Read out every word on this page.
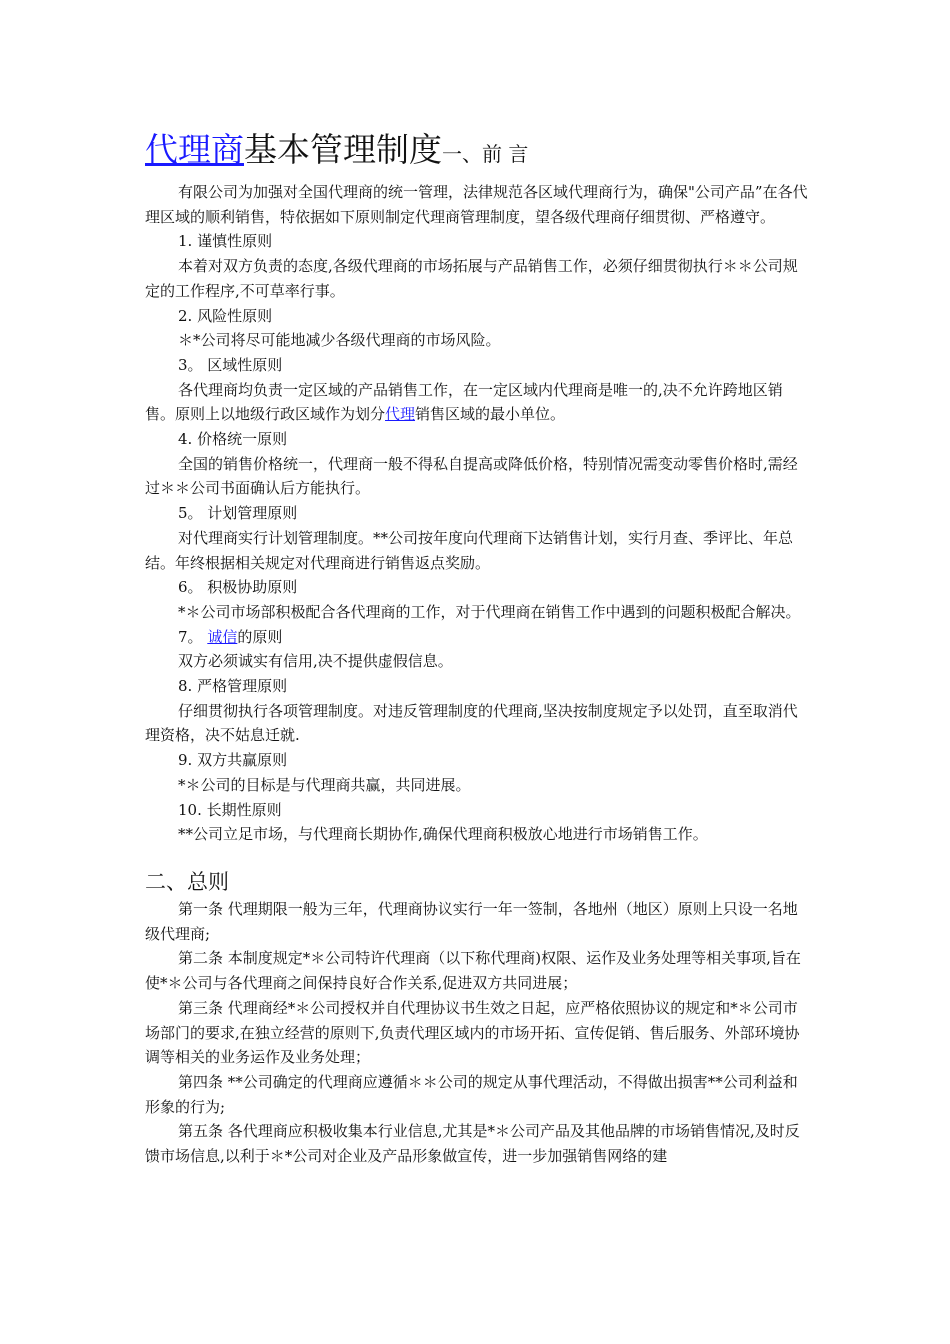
代理商基本管理制度一、前 言

有限公司为加强对全国代理商的统一管理，法律规范各区域代理商行为，确保"公司产品”在各代理区域的顺利销售，特依据如下原则制定代理商管理制度，望各级代理商仔细贯彻、严格遵守。

1. 谨慎性原则

本着对双方负责的态度,各级代理商的市场拓展与产品销售工作，必须仔细贯彻执行＊＊公司规定的工作程序,不可草率行事。

2. 风险性原则

＊*公司将尽可能地减少各级代理商的市场风险。

3。 区域性原则

各代理商均负责一定区域的产品销售工作，在一定区域内代理商是唯一的,决不允许跨地区销售。原则上以地级行政区域作为划分代理销售区域的最小单位。

4. 价格统一原则

全国的销售价格统一，代理商一般不得私自提高或降低价格，特别情况需变动零售价格时,需经过＊＊公司书面确认后方能执行。

5。 计划管理原则

对代理商实行计划管理制度。**公司按年度向代理商下达销售计划，实行月查、季评比、年总结。年终根据相关规定对代理商进行销售返点奖励。

6。 积极协助原则

*＊公司市场部积极配合各代理商的工作，对于代理商在销售工作中遇到的问题积极配合解决。

7。 诚信的原则

双方必须诚实有信用,决不提供虚假信息。

8. 严格管理原则

仔细贯彻执行各项管理制度。对违反管理制度的代理商,坚决按制度规定予以处罚，直至取消代理资格，决不姑息迁就.

9. 双方共赢原则

*＊公司的目标是与代理商共赢，共同进展。

10. 长期性原则

**公司立足市场，与代理商长期协作,确保代理商积极放心地进行市场销售工作。

二、总则

第一条 代理期限一般为三年，代理商协议实行一年一签制，各地州（地区）原则上只设一名地级代理商;

第二条 本制度规定*＊公司特许代理商（以下称代理商)权限、运作及业务处理等相关事项,旨在使*＊公司与各代理商之间保持良好合作关系,促进双方共同进展；

第三条 代理商经*＊公司授权并自代理协议书生效之日起，应严格依照协议的规定和*＊公司市场部门的要求,在独立经营的原则下,负责代理区域内的市场开拓、宣传促销、售后服务、外部环境协调等相关的业务运作及业务处理；

第四条 **公司确定的代理商应遵循＊＊公司的规定从事代理活动，不得做出损害**公司利益和形象的行为;

第五条 各代理商应积极收集本行业信息,尤其是*＊公司产品及其他品牌的市场销售情况,及时反馈市场信息,以利于＊*公司对企业及产品形象做宣传，进一步加强销售网络的建
